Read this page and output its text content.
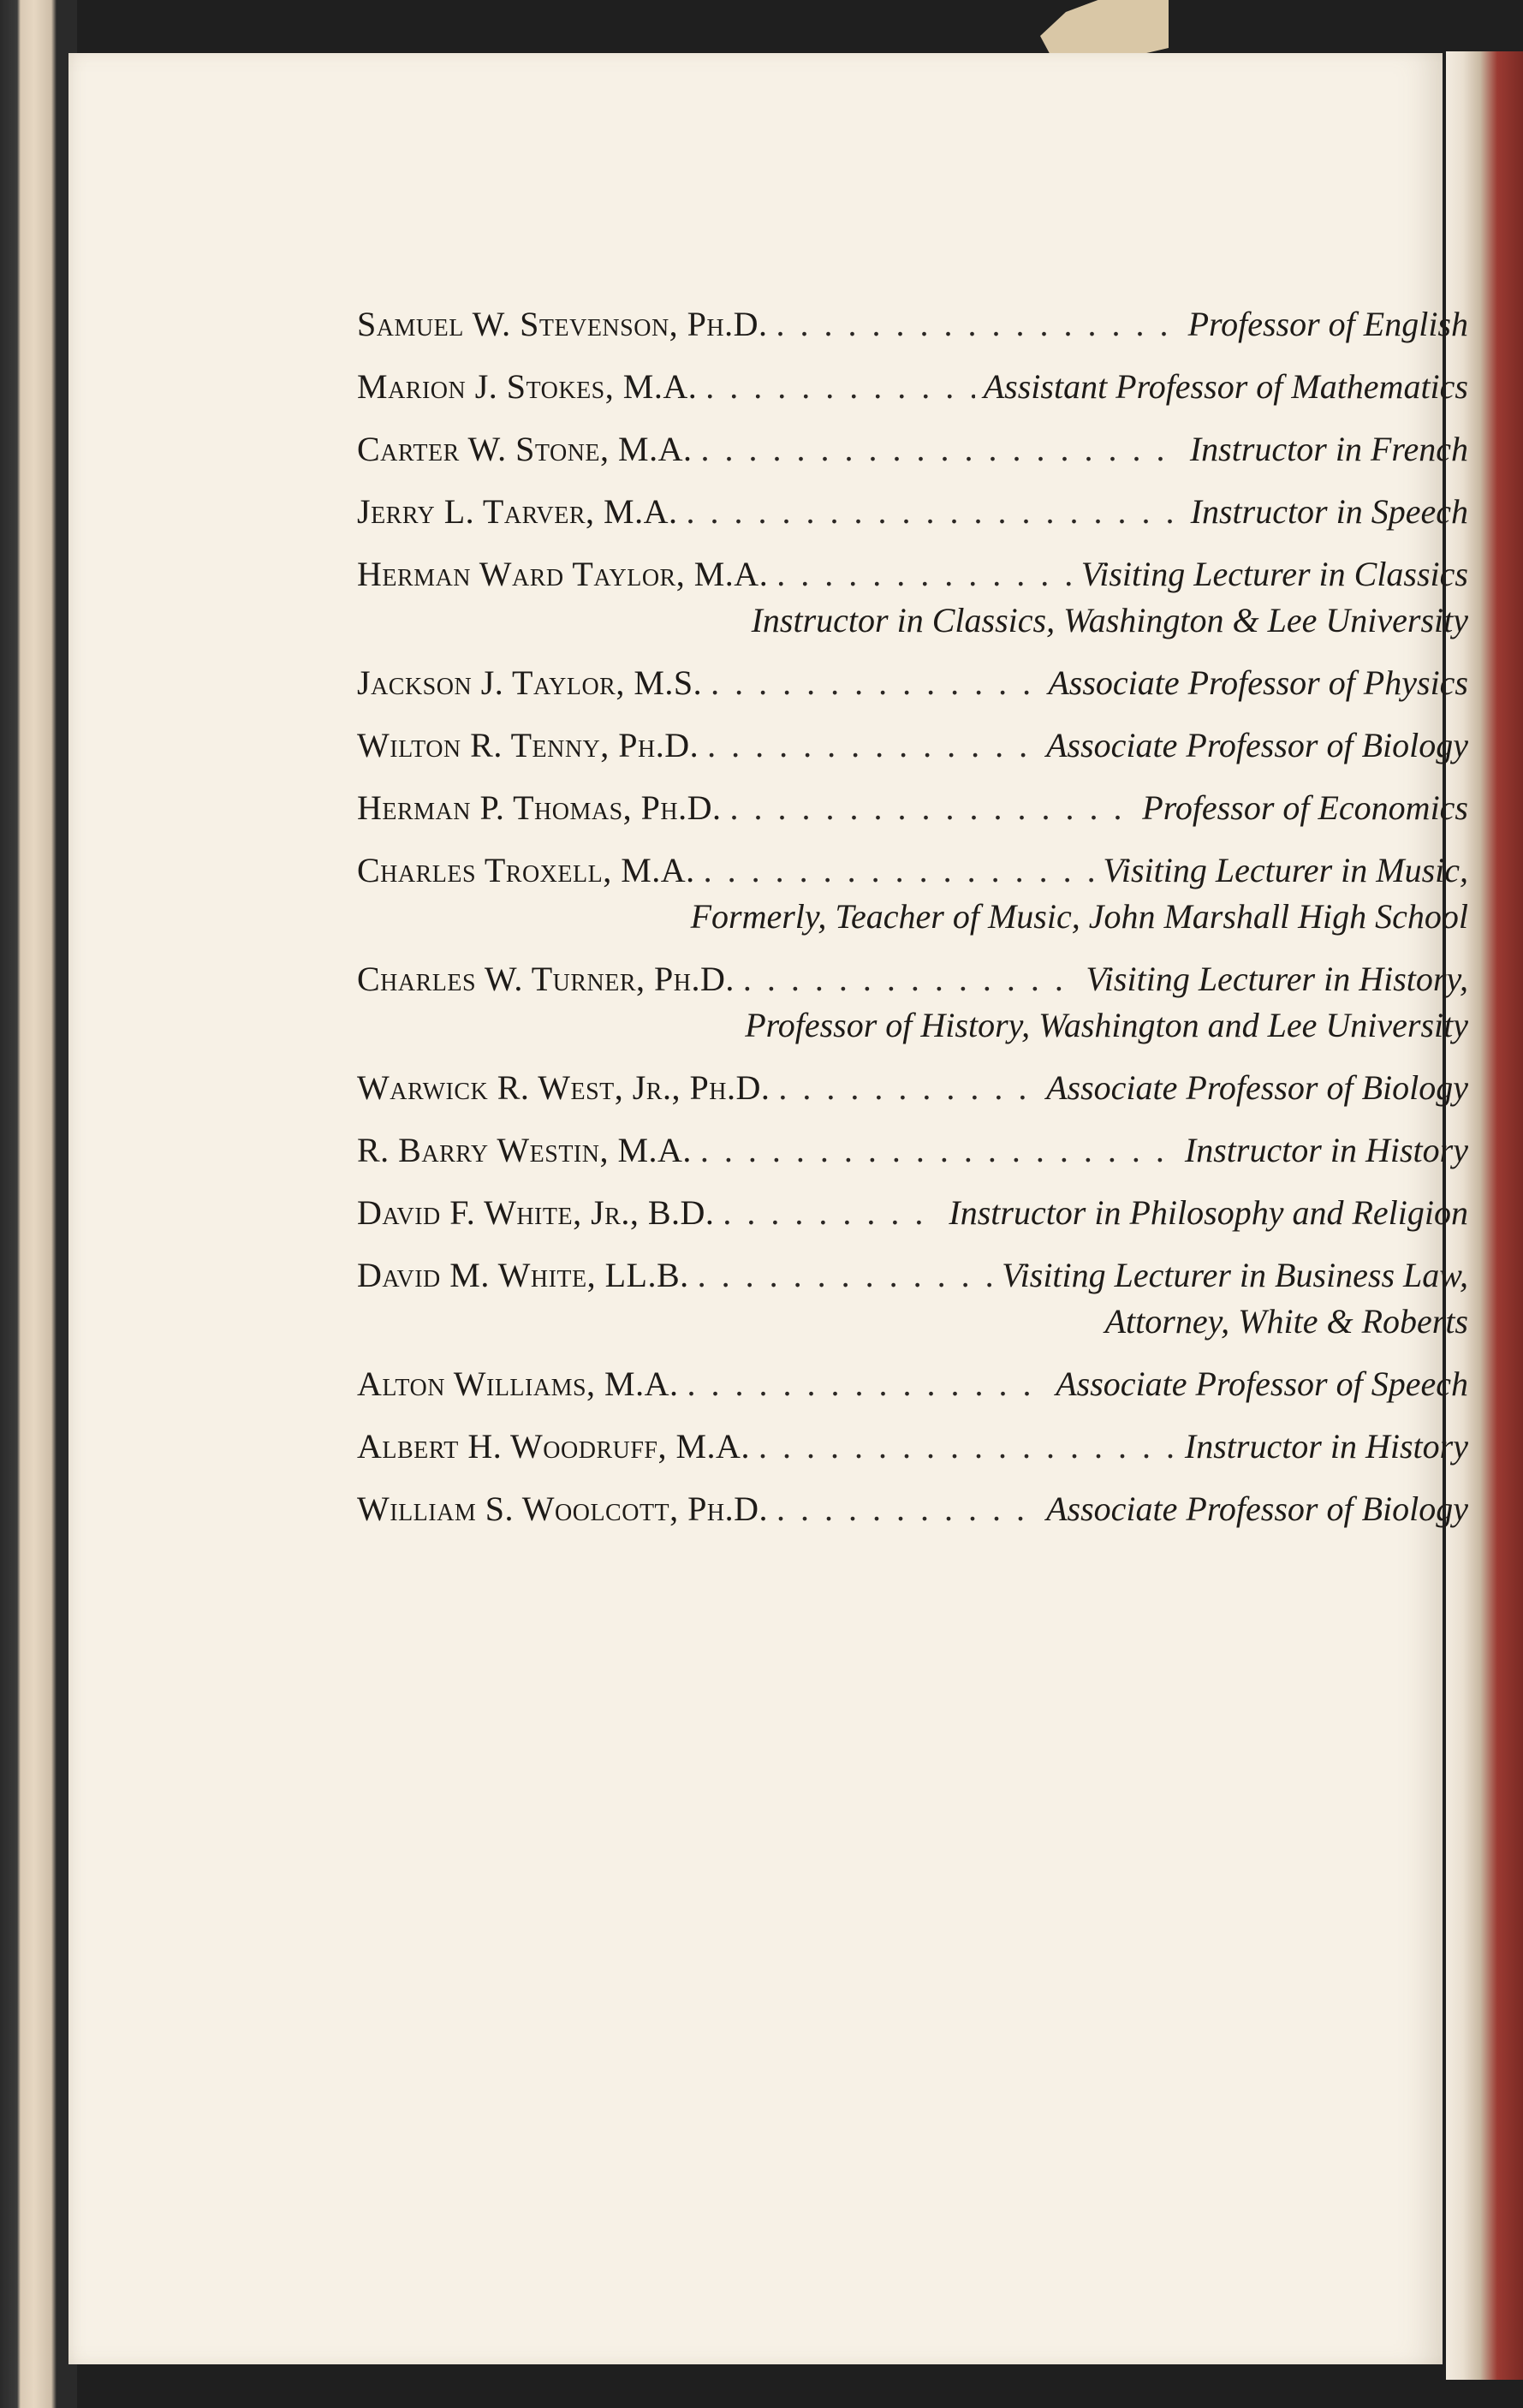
Samuel W. Stevenson, Ph.D. . . .	Professor of English
Marion J. Stokes, M.A. . . .	Assistant Professor of Mathematics
Carter W. Stone, M.A. . . .	Instructor in French
Jerry L. Tarver, M.A. . . .	Instructor in Speech
Herman Ward Taylor, M.A. . . .	Visiting Lecturer in Classics
Instructor in Classics, Washington & Lee University
Jackson J. Taylor, M.S. . . .	Associate Professor of Physics
Wilton R. Tenny, Ph.D. . . .	Associate Professor of Biology
Herman P. Thomas, Ph.D. . . .	Professor of Economics
Charles Troxell, M.A. . . .	Visiting Lecturer in Music,
Formerly, Teacher of Music, John Marshall High School
Charles W. Turner, Ph.D. . . .	Visiting Lecturer in History,
Professor of History, Washington and Lee University
Warwick R. West, Jr., Ph.D. . . .	Associate Professor of Biology
R. Barry Westin, M.A. . . .	Instructor in History
David F. White, Jr., B.D. . . .	Instructor in Philosophy and Religion
David M. White, LL.B. . . .	Visiting Lecturer in Business Law,
Attorney, White & Roberts
Alton Williams, M.A. . . .	Associate Professor of Speech
Albert H. Woodruff, M.A. . . .	Instructor in History
William S. Woolcott, Ph.D. . . .	Associate Professor of Biology
